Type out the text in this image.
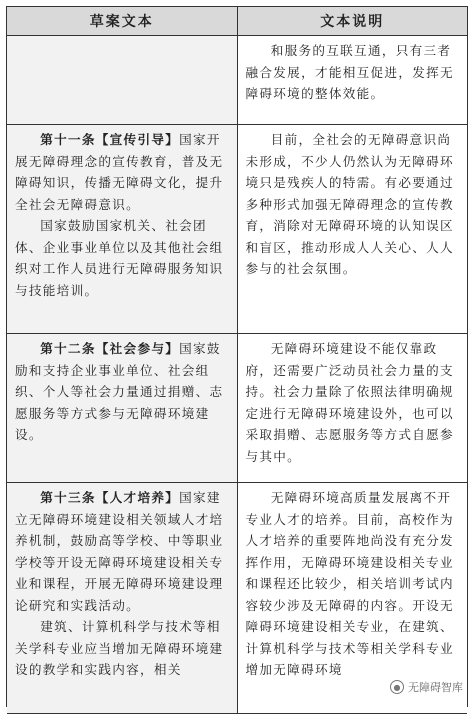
草案文本	文本说明

和服务的互联互通，只有三者融合发展，才能相互促进，发挥无障碍环境的整体效能。

第十一条【宣传引导】国家开展无障碍理念的宣传教育，普及无障碍知识，传播无障碍文化，提升全社会无障碍意识。

国家鼓励国家机关、社会团体、企业事业单位以及其他社会组织对工作人员进行无障碍服务知识与技能培训。

目前，全社会的无障碍意识尚未形成，不少人仍然认为无障碍环境只是残疾人的特需。有必要通过多种形式加强无障碍理念的宣传教育，消除对无障碍环境的认知误区和盲区，推动形成人人关心、人人参与的社会氛围。

第十二条【社会参与】国家鼓励和支持企业事业单位、社会组织、个人等社会力量通过捐赠、志愿服务等方式参与无障碍环境建设。

无障碍环境建设不能仅靠政府，还需要广泛动员社会力量的支持。社会力量除了依照法律明确规定进行无障碍环境建设外，也可以采取捐赠、志愿服务等方式自愿参与其中。

第十三条【人才培养】国家建立无障碍环境建设相关领域人才培养机制，鼓励高等学校、中等职业学校等开设无障碍环境建设相关专业和课程，开展无障碍环境建设理论研究和实践活动。

建筑、计算机科学与技术等相关学科专业应当增加无障碍环境建设的教学和实践内容，相关

无障碍环境高质量发展离不开专业人才的培养。目前，高校作为人才培养的重要阵地尚没有充分发挥作用，无障碍环境建设相关专业和课程还比较少，相关培训考试内容较少涉及无障碍的内容。开设无障碍环境建设相关专业，在建筑、计算机科学与技术等相关学科专业增加无障碍环境

● 无障碍智库
